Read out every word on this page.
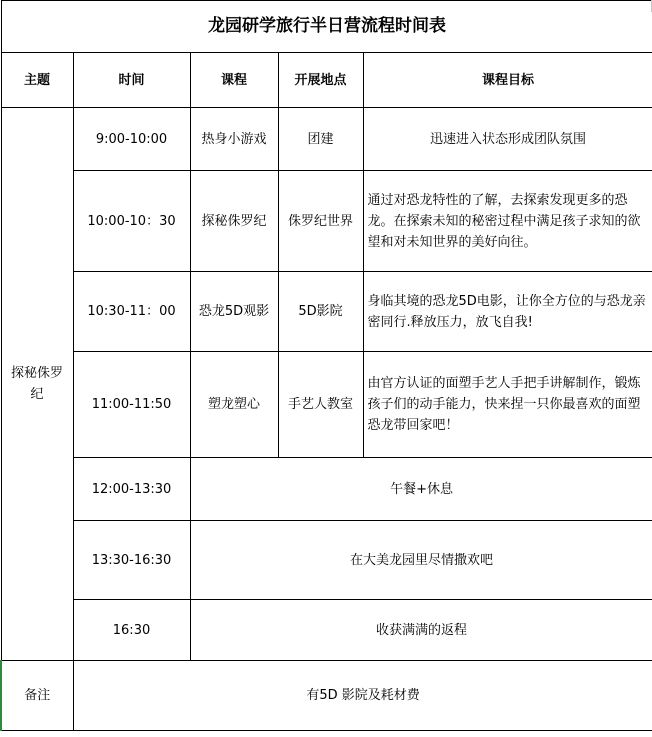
龙园研学旅行半日营流程时间表				
主题	时间	课程	开展地点	课程目标
探秘侏罗纪	9:00-10:00	热身小游戏	团建	迅速进入状态形成团队氛围
	10:00-10：30	探秘侏罗纪	侏罗纪世界	通过对恐龙特性的了解，去探索发现更多的恐龙。在探索未知的秘密过程中满足孩子求知的欲望和对未知世界的美好向往。
	10:30-11：00	恐龙5D观影	5D影院	身临其境的恐龙5D电影，让你全方位的与恐龙亲密同行.释放压力，放飞自我!
	11:00-11:50	塑龙塑心	手艺人教室	由官方认证的面塑手艺人手把手讲解制作，锻炼孩子们的动手能力，快来捏一只你最喜欢的面塑恐龙带回家吧！
	12:00-13:30	午餐+休息		
	13:30-16:30	在大美龙园里尽情撒欢吧		
	16:30	收获满满的返程		
备注	有5D 影院及耗材费			
